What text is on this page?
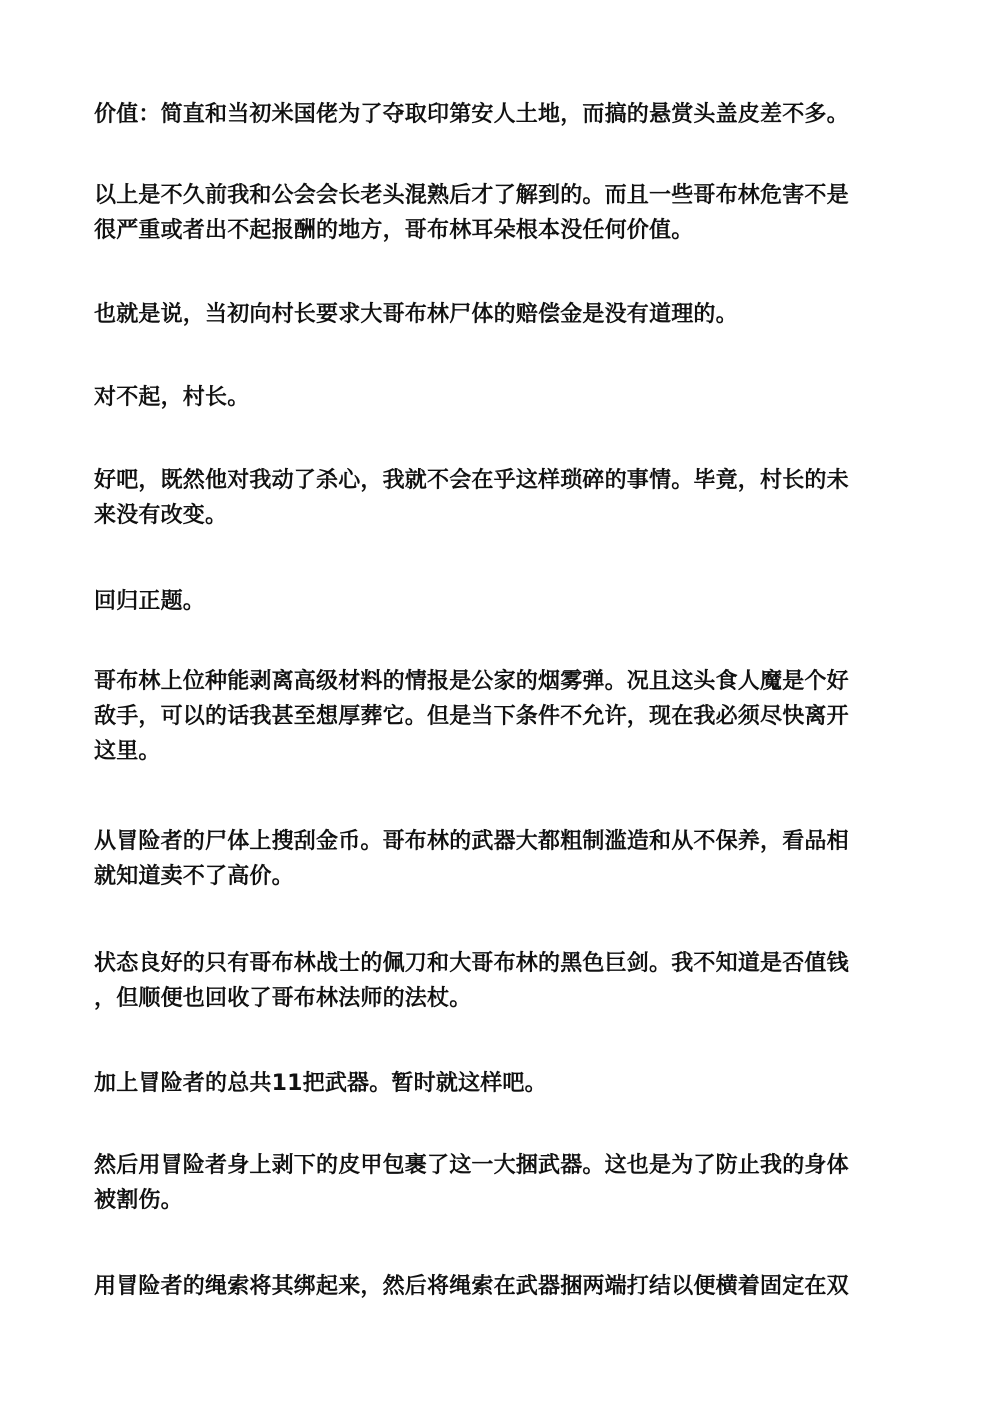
价值：简直和当初米国佬为了夺取印第安人土地，而搞的悬赏头盖皮差不多。

以上是不久前我和公会会长老头混熟后才了解到的。而且一些哥布林危害不是
很严重或者出不起报酬的地方，哥布林耳朵根本没任何价值。

也就是说，当初向村长要求大哥布林尸体的赔偿金是没有道理的。

对不起，村长。

好吧，既然他对我动了杀心，我就不会在乎这样琐碎的事情。毕竟，村长的未
来没有改变。

回归正题。

哥布林上位种能剥离高级材料的情报是公家的烟雾弹。况且这头食人魔是个好
敌手，可以的话我甚至想厚葬它。但是当下条件不允许，现在我必须尽快离开
这里。

从冒险者的尸体上搜刮金币。哥布林的武器大都粗制滥造和从不保养，看品相
就知道卖不了高价。

状态良好的只有哥布林战士的佩刀和大哥布林的黑色巨剑。我不知道是否值钱
，但顺便也回收了哥布林法师的法杖。

加上冒险者的总共11把武器。暂时就这样吧。

然后用冒险者身上剥下的皮甲包裹了这一大捆武器。这也是为了防止我的身体
被割伤。

用冒险者的绳索将其绑起来，然后将绳索在武器捆两端打结以便横着固定在双
